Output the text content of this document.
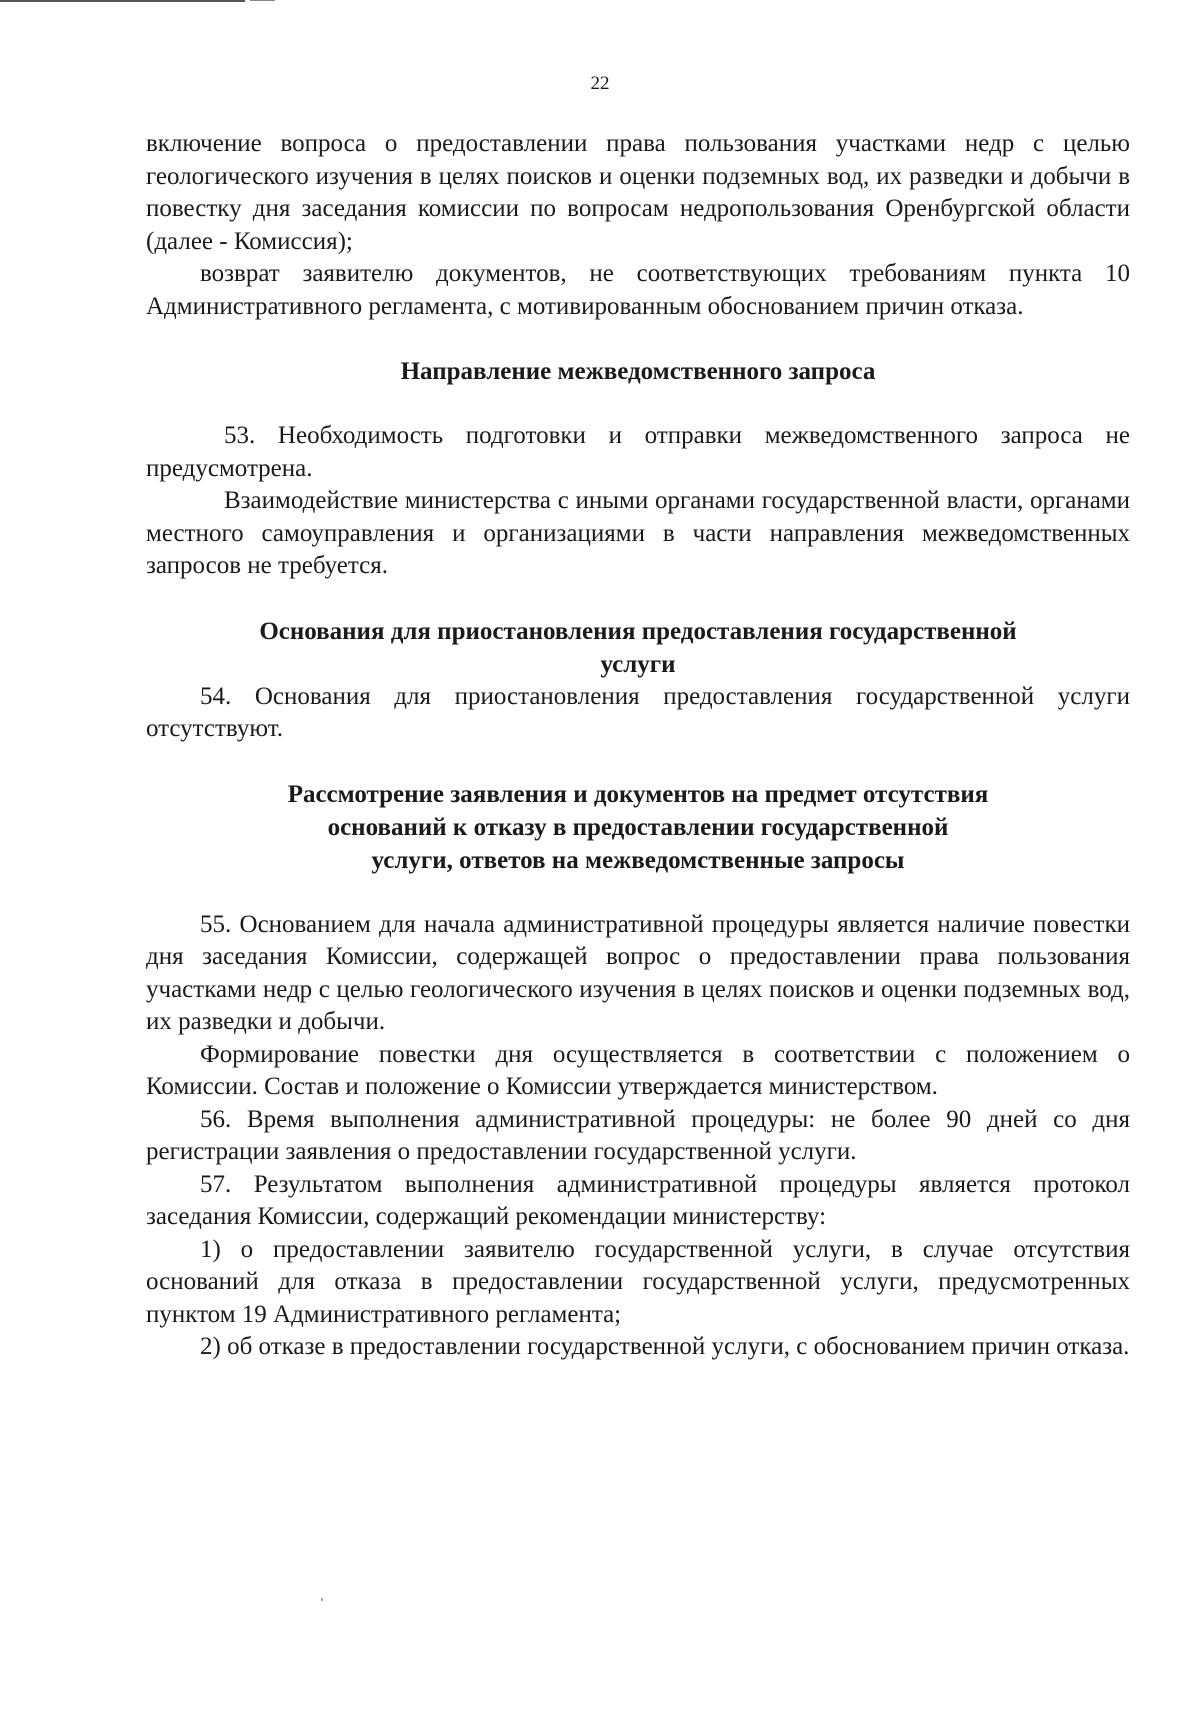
22

включение вопроса о предоставлении права пользования участками недр с целью геологического изучения в целях поисков и оценки подземных вод, их разведки и добычи в повестку дня заседания комиссии по вопросам недропользования Оренбургской области (далее - Комиссия);

возврат заявителю документов, не соответствующих требованиям пункта 10 Административного регламента, с мотивированным обоснованием причин отказа.

Направление межведомственного запроса

53. Необходимость подготовки и отправки межведомственного запроса не предусмотрена.

Взаимодействие министерства с иными органами государственной власти, органами местного самоуправления и организациями в части направления межведомственных запросов не требуется.

Основания для приостановления предоставления государственной

услуги

54. Основания для приостановления предоставления государственной услуги отсутствуют.

Рассмотрение заявления и документов на предмет отсутствия

оснований к отказу в предоставлении государственной

услуги, ответов на межведомственные запросы

55. Основанием для начала административной процедуры является наличие повестки дня заседания Комиссии, содержащей вопрос о предоставлении права пользования участками недр с целью геологического изучения в целях поисков и оценки подземных вод, их разведки и добычи.

Формирование повестки дня осуществляется в соответствии с положением о Комиссии. Состав и положение о Комиссии утверждается министерством.

56. Время выполнения административной процедуры: не более 90 дней со дня регистрации заявления о предоставлении государственной услуги.

57. Результатом выполнения административной процедуры является протокол заседания Комиссии, содержащий рекомендации министерству:

1) о предоставлении заявителю государственной услуги, в случае отсутствия оснований для отказа в предоставлении государственной услуги, предусмотренных пунктом 19 Административного регламента;

2) об отказе в предоставлении государственной услуги, с обоснованием причин отказа.
